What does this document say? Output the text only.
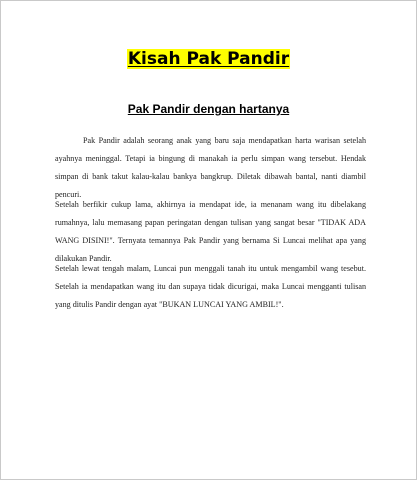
Kisah Pak Pandir
Pak Pandir dengan hartanya

Pak Pandir adalah seorang anak yang baru saja mendapatkan harta warisan setelah ayahnya meninggal. Tetapi ia bingung di manakah ia perlu simpan wang tersebut. Hendak simpan di bank takut kalau-kalau bankya bangkrup. Diletak dibawah bantal, nanti diambil pencuri.

Setelah berfikir cukup lama, akhirnya ia mendapat ide, ia menanam wang itu dibelakang rumahnya, lalu memasang papan peringatan dengan tulisan yang sangat besar "TIDAK ADA WANG DISINI!". Ternyata temannya Pak Pandir yang bernama Si Luncai melihat apa yang dilakukan Pandir.

Setelah lewat tengah malam, Luncai pun menggali tanah itu untuk mengambil wang tesebut. Setelah ia mendapatkan wang itu dan supaya tidak dicurigai, maka Luncai mengganti tulisan yang ditulis Pandir dengan ayat "BUKAN LUNCAI YANG AMBIL!".
